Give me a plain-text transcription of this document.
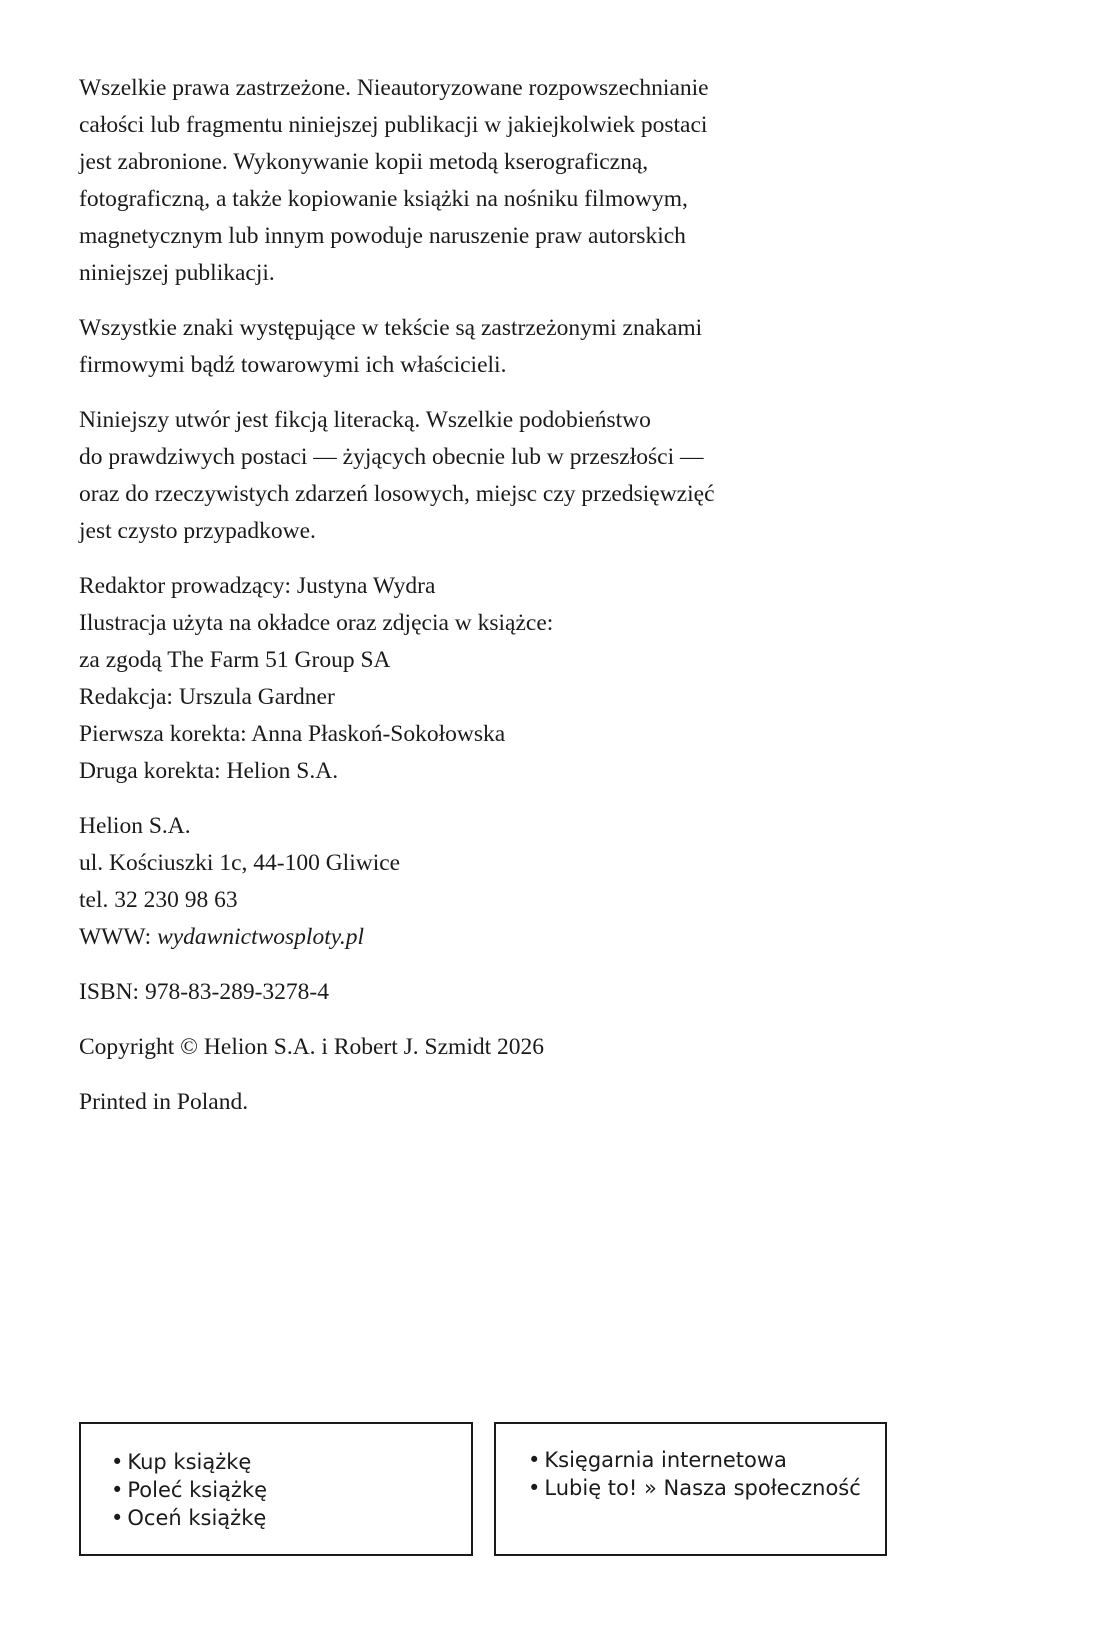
Wszelkie prawa zastrzeżone. Nieautoryzowane rozpowszechnianie
całości lub fragmentu niniejszej publikacji w jakiejkolwiek postaci
jest zabronione. Wykonywanie kopii metodą kserograficzną,
fotograficzną, a także kopiowanie książki na nośniku filmowym,
magnetycznym lub innym powoduje naruszenie praw autorskich
niniejszej publikacji.
Wszystkie znaki występujące w tekście są zastrzeżonymi znakami
firmowymi bądź towarowymi ich właścicieli.
Niniejszy utwór jest fikcją literacką. Wszelkie podobieństwo
do prawdziwych postaci — żyjących obecnie lub w przeszłości —
oraz do rzeczywistych zdarzeń losowych, miejsc czy przedsięwzięć
jest czysto przypadkowe.
Redaktor prowadzący: Justyna Wydra
Ilustracja użyta na okładce oraz zdjęcia w książce:
za zgodą The Farm 51 Group SA
Redakcja: Urszula Gardner
Pierwsza korekta: Anna Płaskoń-Sokołowska
Druga korekta: Helion S.A.
Helion S.A.
ul. Kościuszki 1c, 44-100 Gliwice
tel. 32 230 98 63
WWW: wydawnictwosploty.pl
ISBN: 978-83-289-3278-4
Copyright © Helion S.A. i Robert J. Szmidt 2026
Printed in Poland.
• Kup książkę
• Poleć książkę
• Oceń książkę
• Księgarnia internetowa
• Lubię to! » Nasza społeczność
